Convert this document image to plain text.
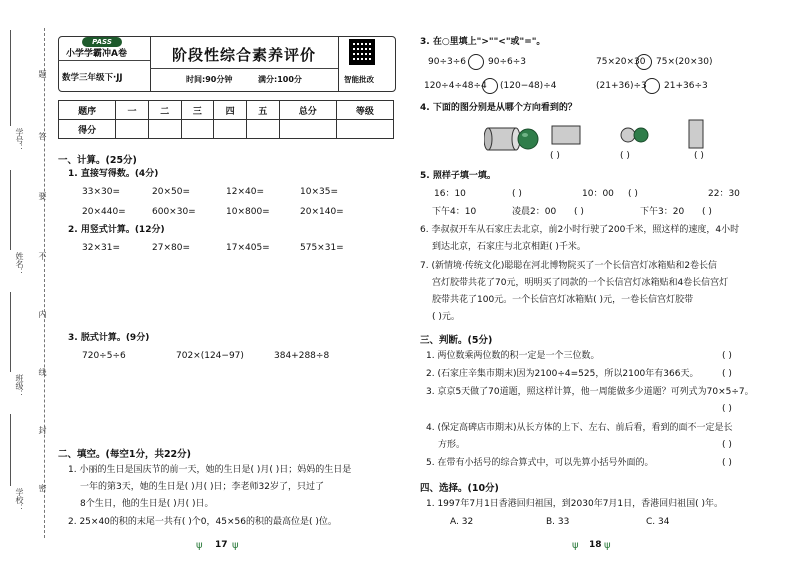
学号：
姓名：
班级：
学校：
题
答
要
不
内
线
封
密
PASS
小学学霸冲A卷
数学三年级下·JJ
阶段性综合素养评价
时间:90分钟	满分:100分	智能批改
题序	一	二	三	四	五	总分	等级
得分							
一、计算。(25分)
1. 直接写得数。(4分)
33×30=	20×50=	12×40=	10×35=
20×440=	600×30=	10×800=	20×140=
2. 用竖式计算。(12分)
32×31=	27×80=	17×405=	575×31=
3. 脱式计算。(9分)
720÷5÷6	702×(124−97)	384+288÷8
二、填空。(每空1分，共22分)
1. 小丽的生日是国庆节的前一天，她的生日是( )月( )日；妈妈的生日是
一年的第3天，她的生日是( )月( )日；李老师32岁了，只过了
8个生日，他的生日是( )月( )日。
2. 25×40的积的末尾一共有( )个0，45×56的积的最高位是( )位。
ψ 17 ψ
3. 在○里填上">""<"或"="。
90÷3÷6 90÷6÷3	75×20×30 75×(20×30)
120÷4÷48÷4 (120−48)÷4	(21+36)÷3 21+36÷3
4. 下面的图分别是从哪个方向看到的？
( )	( )	( )
5. 照样子填一填。
16：10	( )	10：00 ( )	22：30
下午4：10	凌晨2：00 ( )	下午3：20 ( )
6. 李叔叔开车从石家庄去北京，前2小时行驶了200千米，照这样的速度，4小时
到达北京，石家庄与北京相距( )千米。
7. (新情境·传统文化)聪聪在河北博物院买了一个长信宫灯冰箱贴和2卷长信
宫灯胶带共花了70元，明明买了同款的一个长信宫灯冰箱贴和4卷长信宫灯
胶带共花了100元。一个长信宫灯冰箱贴( )元，一卷长信宫灯胶带
( )元。
三、判断。(5分)
1. 两位数乘两位数的积一定是一个三位数。	( )
2. (石家庄辛集市期末)因为2100÷4=525，所以2100年有366天。	( )
3. 京京5天做了70道题，照这样计算，他一周能做多少道题？可列式为70×5÷7。
( )
4. (保定高碑店市期末)从长方体的上下、左右、前后看，看到的面不一定是长
方形。	( )
5. 在带有小括号的综合算式中，可以先算小括号外面的。	( )
四、选择。(10分)
1. 1997年7月1日香港回归祖国，到2030年7月1日，香港回归祖国( )年。
A. 32	B. 33	C. 34
ψ 18 ψ
